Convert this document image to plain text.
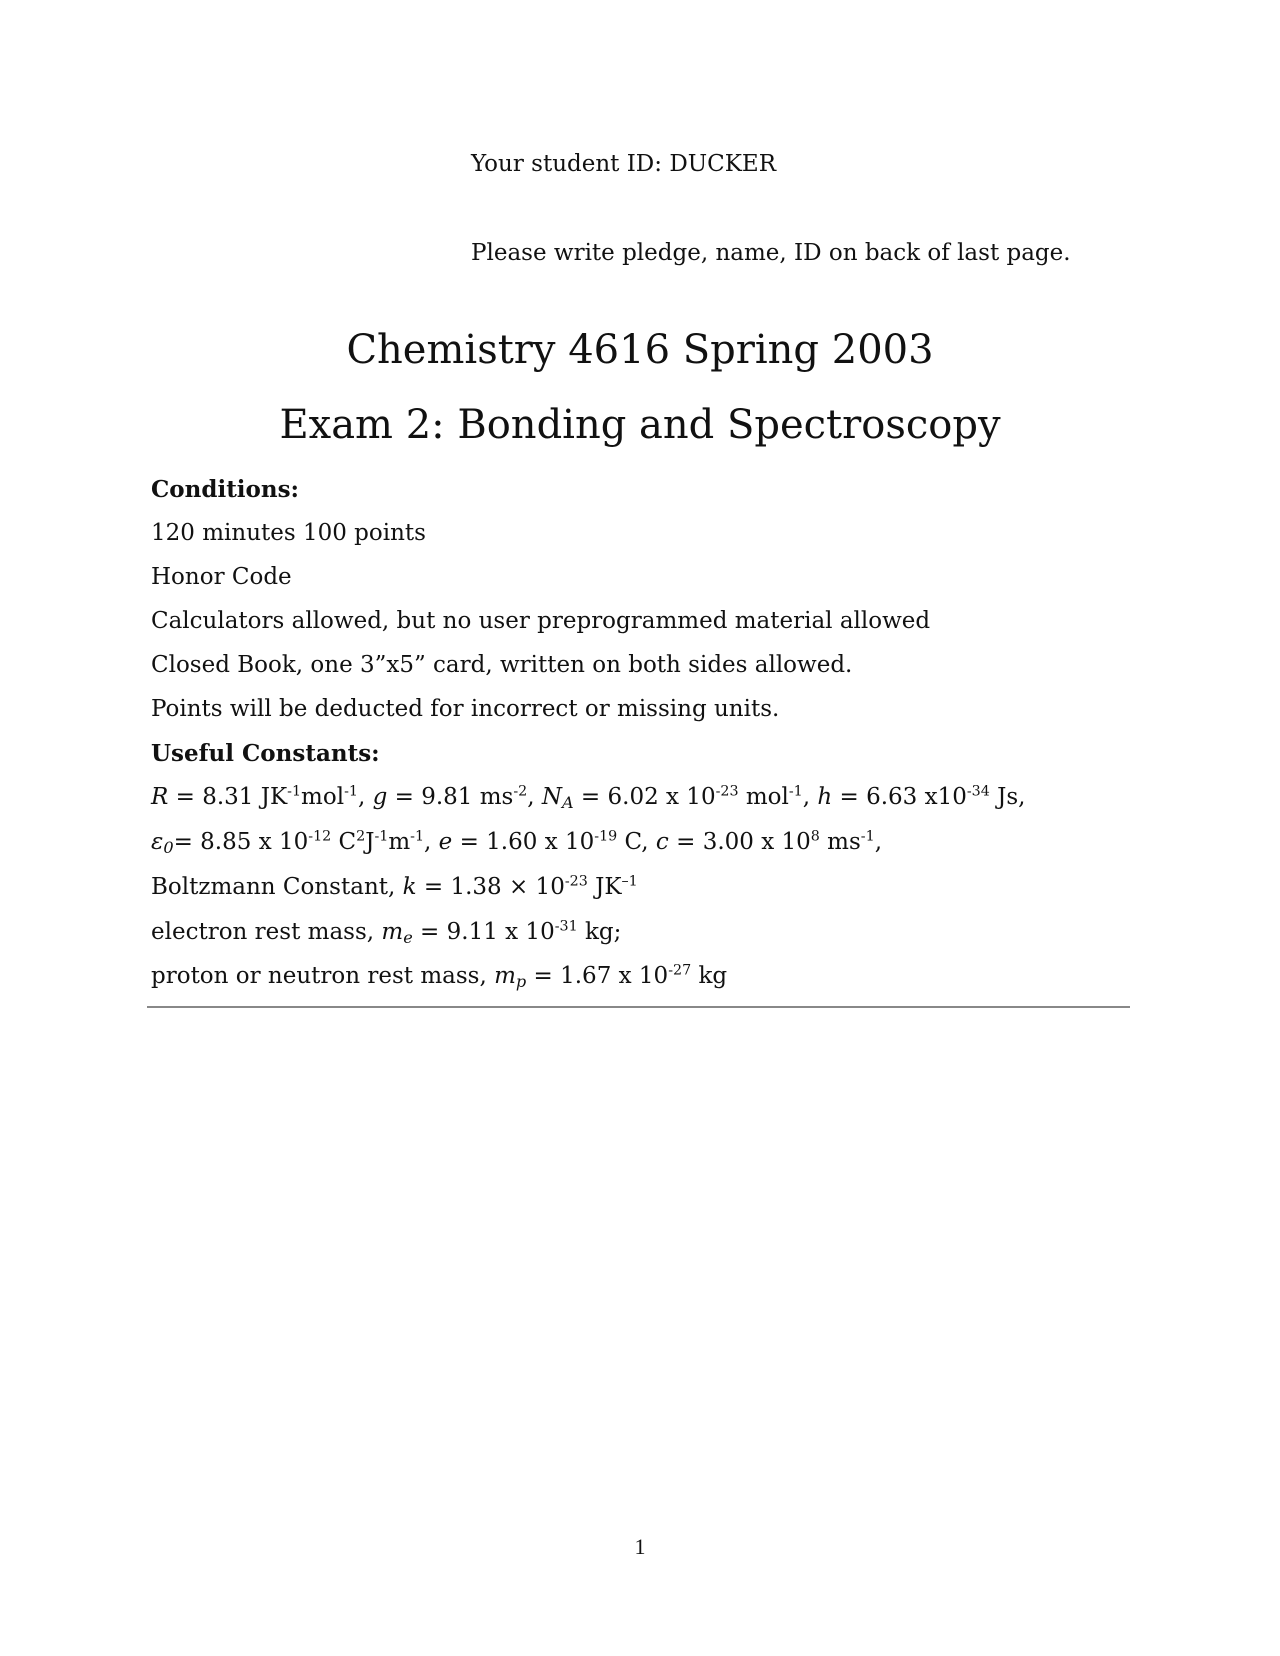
Your student ID: DUCKER
Please write pledge, name, ID on back of last page.
Chemistry 4616 Spring 2003
Exam 2: Bonding and Spectroscopy
Conditions:
120 minutes 100 points
Honor Code
Calculators allowed, but no user preprogrammed material allowed
Closed Book, one 3”x5” card, written on both sides allowed.
Points will be deducted for incorrect or missing units.
Useful Constants:
R = 8.31 $JK^{-1}mol^{-1}$, g = 9.81 $ms^{-2}$, $N_A = 6.02$ x $10^{-23}$ mol$^{-1}$, h = 6.63 $x10^{-34}$ Js,
$\varepsilon_0= 8.85$ x $10^{-12}$ $C^2J^{-1}m^{-1}$, e = 1.60 x $10^{-19}$ C, c = 3.00 x $10^8$ $ms^{-1}$,
Boltzmann Constant, $k = 1.38 \times 10^{-23}$ $JK^{-1}$
electron rest mass, $m_e = 9.11$ x $10^{-31}$ kg;
proton or neutron rest mass, $m_p = 1.67$ x $10^{-27}$ kg
1
